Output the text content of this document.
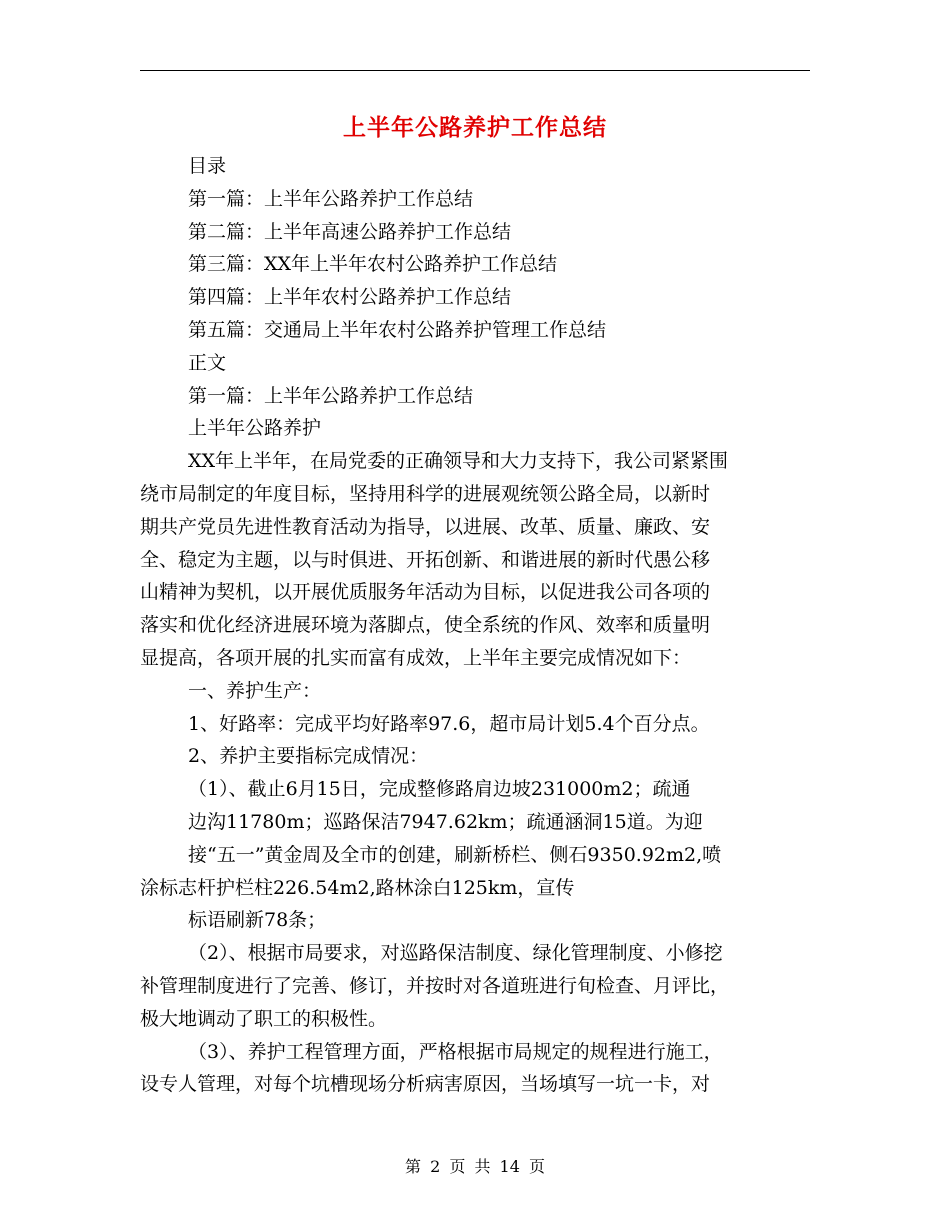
上半年公路养护工作总结
目录
第一篇：上半年公路养护工作总结
第二篇：上半年高速公路养护工作总结
第三篇：XX年上半年农村公路养护工作总结
第四篇：上半年农村公路养护工作总结
第五篇：交通局上半年农村公路养护管理工作总结
正文
第一篇：上半年公路养护工作总结
上半年公路养护
XX年上半年，在局党委的正确领导和大力支持下，我公司紧紧围
绕市局制定的年度目标，坚持用科学的进展观统领公路全局，以新时
期共产党员先进性教育活动为指导，以进展、改革、质量、廉政、安
全、稳定为主题，以与时俱进、开拓创新、和谐进展的新时代愚公移
山精神为契机，以开展优质服务年活动为目标，以促进我公司各项的
落实和优化经济进展环境为落脚点，使全系统的作风、效率和质量明
显提高，各项开展的扎实而富有成效，上半年主要完成情况如下：
一、养护生产：
1、好路率：完成平均好路率97.6，超市局计划5.4个百分点。
2、养护主要指标完成情况：
（1）、截止6月15日，完成整修路肩边坡231000m2；疏通
边沟11780m；巡路保洁7947.62km；疏通涵洞15道。为迎
接“五一”黄金周及全市的创建，刷新桥栏、侧石9350.92m2,喷
涂标志杆护栏柱226.54m2,路林涂白125km，宣传
标语刷新78条；
（2）、根据市局要求，对巡路保洁制度、绿化管理制度、小修挖
补管理制度进行了完善、修订，并按时对各道班进行旬检查、月评比，
极大地调动了职工的积极性。
（3）、养护工程管理方面，严格根据市局规定的规程进行施工，
设专人管理，对每个坑槽现场分析病害原因，当场填写一坑一卡，对
第 2 页 共 14 页
